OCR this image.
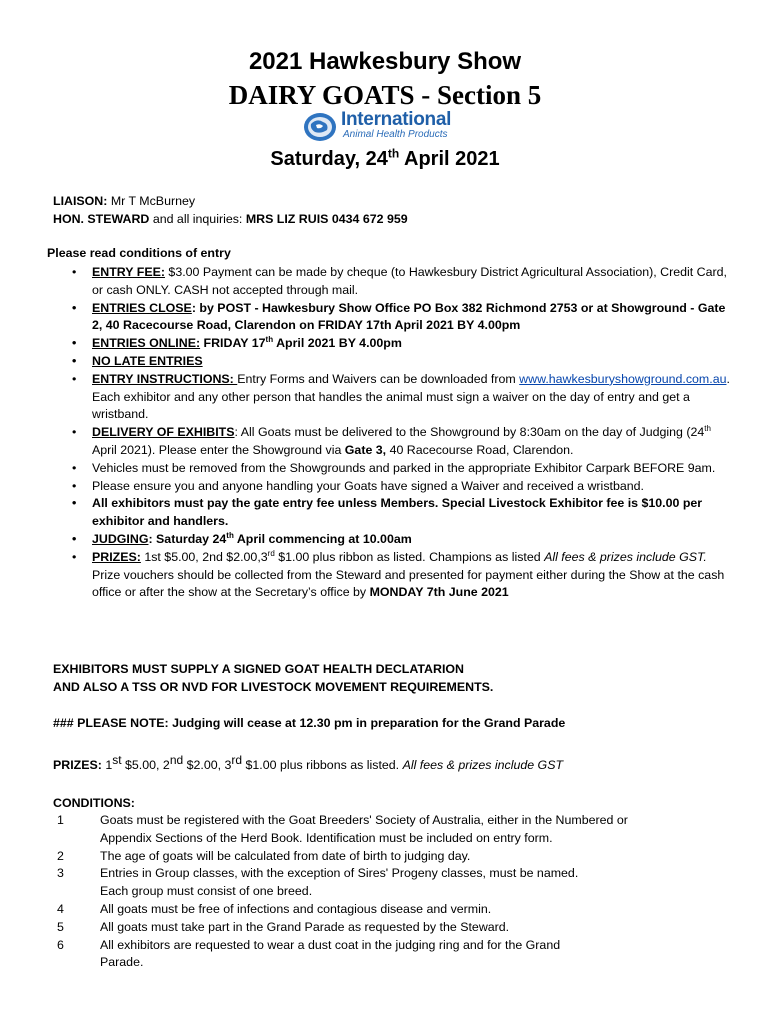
2021 Hawkesbury Show
DAIRY GOATS - Section 5
International
Animal Health Products
Saturday, 24th April 2021
LIAISON: Mr T McBurney
HON. STEWARD and all inquiries: MRS LIZ RUIS 0434 672 959
Please read conditions of entry
• ENTRY FEE: $3.00 Payment can be made by cheque (to Hawkesbury District Agricultural Association), Credit Card, or cash ONLY. CASH not accepted through mail.
• ENTRIES CLOSE: by POST - Hawkesbury Show Office PO Box 382 Richmond 2753 or at Showground - Gate 2, 40 Racecourse Road, Clarendon on FRIDAY 17th April 2021 BY 4.00pm
• ENTRIES ONLINE: FRIDAY 17th April 2021 BY 4.00pm
• NO LATE ENTRIES
• ENTRY INSTRUCTIONS: Entry Forms and Waivers can be downloaded from www.hawkesburyshowground.com.au. Each exhibitor and any other person that handles the animal must sign a waiver on the day of entry and get a wristband.
• DELIVERY OF EXHIBITS: All Goats must be delivered to the Showground by 8:30am on the day of Judging (24th April 2021). Please enter the Showground via Gate 3, 40 Racecourse Road, Clarendon.
• Vehicles must be removed from the Showgrounds and parked in the appropriate Exhibitor Carpark BEFORE 9am.
• Please ensure you and anyone handling your Goats have signed a Waiver and received a wristband.
• All exhibitors must pay the gate entry fee unless Members. Special Livestock Exhibitor fee is $10.00 per exhibitor and handlers.
• JUDGING: Saturday 24th April commencing at 10.00am
• PRIZES: 1st $5.00, 2nd $2.00,3rd $1.00 plus ribbon as listed. Champions as listed All fees & prizes include GST. Prize vouchers should be collected from the Steward and presented for payment either during the Show at the cash office or after the show at the Secretary’s office by MONDAY 7th June 2021
EXHIBITORS MUST SUPPLY A SIGNED GOAT HEALTH DECLATARION
AND ALSO A TSS OR NVD FOR LIVESTOCK MOVEMENT REQUIREMENTS.
### PLEASE NOTE: Judging will cease at 12.30 pm in preparation for the Grand Parade
PRIZES: 1st $5.00, 2nd $2.00, 3rd $1.00 plus ribbons as listed. All fees & prizes include GST
CONDITIONS:
1	Goats must be registered with the Goat Breeders' Society of Australia, either in the Numbered or
Appendix Sections of the Herd Book. Identification must be included on entry form.
2	The age of goats will be calculated from date of birth to judging day.
3	Entries in Group classes, with the exception of Sires' Progeny classes, must be named.
Each group must consist of one breed.
4	All goats must be free of infections and contagious disease and vermin.
5	All goats must take part in the Grand Parade as requested by the Steward.
6	All exhibitors are requested to wear a dust coat in the judging ring and for the Grand
Parade.
